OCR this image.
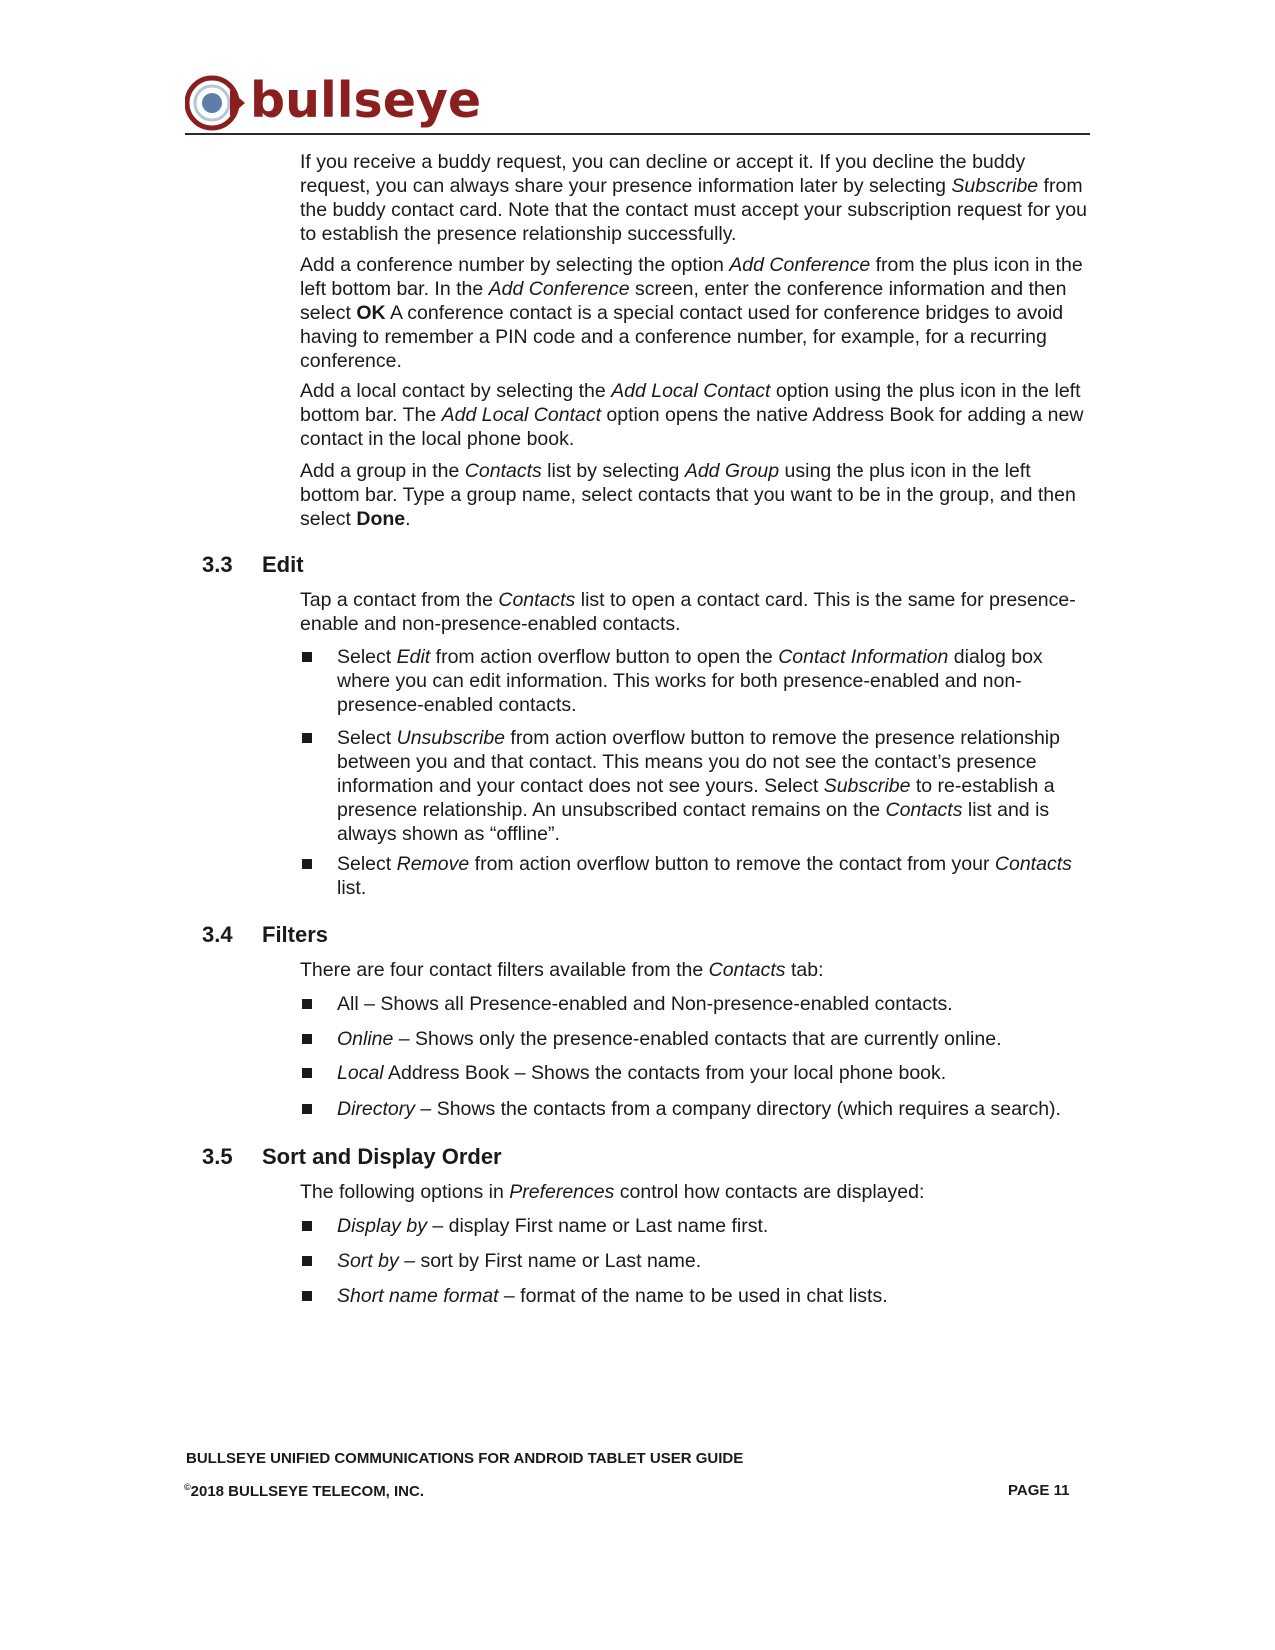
bullseye

If you receive a buddy request, you can decline or accept it. If you decline the buddy request, you can always share your presence information later by selecting Subscribe from the buddy contact card. Note that the contact must accept your subscription request for you to establish the presence relationship successfully.

Add a conference number by selecting the option Add Conference from the plus icon in the left bottom bar. In the Add Conference screen, enter the conference information and then select OK A conference contact is a special contact used for conference bridges to avoid having to remember a PIN code and a conference number, for example, for a recurring conference.

Add a local contact by selecting the Add Local Contact option using the plus icon in the left bottom bar. The Add Local Contact option opens the native Address Book for adding a new contact in the local phone book.

Add a group in the Contacts list by selecting Add Group using the plus icon in the left bottom bar. Type a group name, select contacts that you want to be in the group, and then select Done.

3.3 Edit

Tap a contact from the Contacts list to open a contact card. This is the same for presence-enable and non-presence-enabled contacts.

Select Edit from action overflow button to open the Contact Information dialog box where you can edit information. This works for both presence-enabled and non-presence-enabled contacts.

Select Unsubscribe from action overflow button to remove the presence relationship between you and that contact. This means you do not see the contact’s presence information and your contact does not see yours. Select Subscribe to re-establish a presence relationship. An unsubscribed contact remains on the Contacts list and is always shown as “offline”.

Select Remove from action overflow button to remove the contact from your Contacts list.

3.4 Filters

There are four contact filters available from the Contacts tab:

All – Shows all Presence-enabled and Non-presence-enabled contacts.

Online – Shows only the presence-enabled contacts that are currently online.

Local Address Book – Shows the contacts from your local phone book.

Directory – Shows the contacts from a company directory (which requires a search).

3.5 Sort and Display Order

The following options in Preferences control how contacts are displayed:

Display by – display First name or Last name first.

Sort by – sort by First name or Last name.

Short name format – format of the name to be used in chat lists.

BULLSEYE UNIFIED COMMUNICATIONS FOR ANDROID TABLET USER GUIDE
©2018 BULLSEYE TELECOM, INC.	PAGE 11
